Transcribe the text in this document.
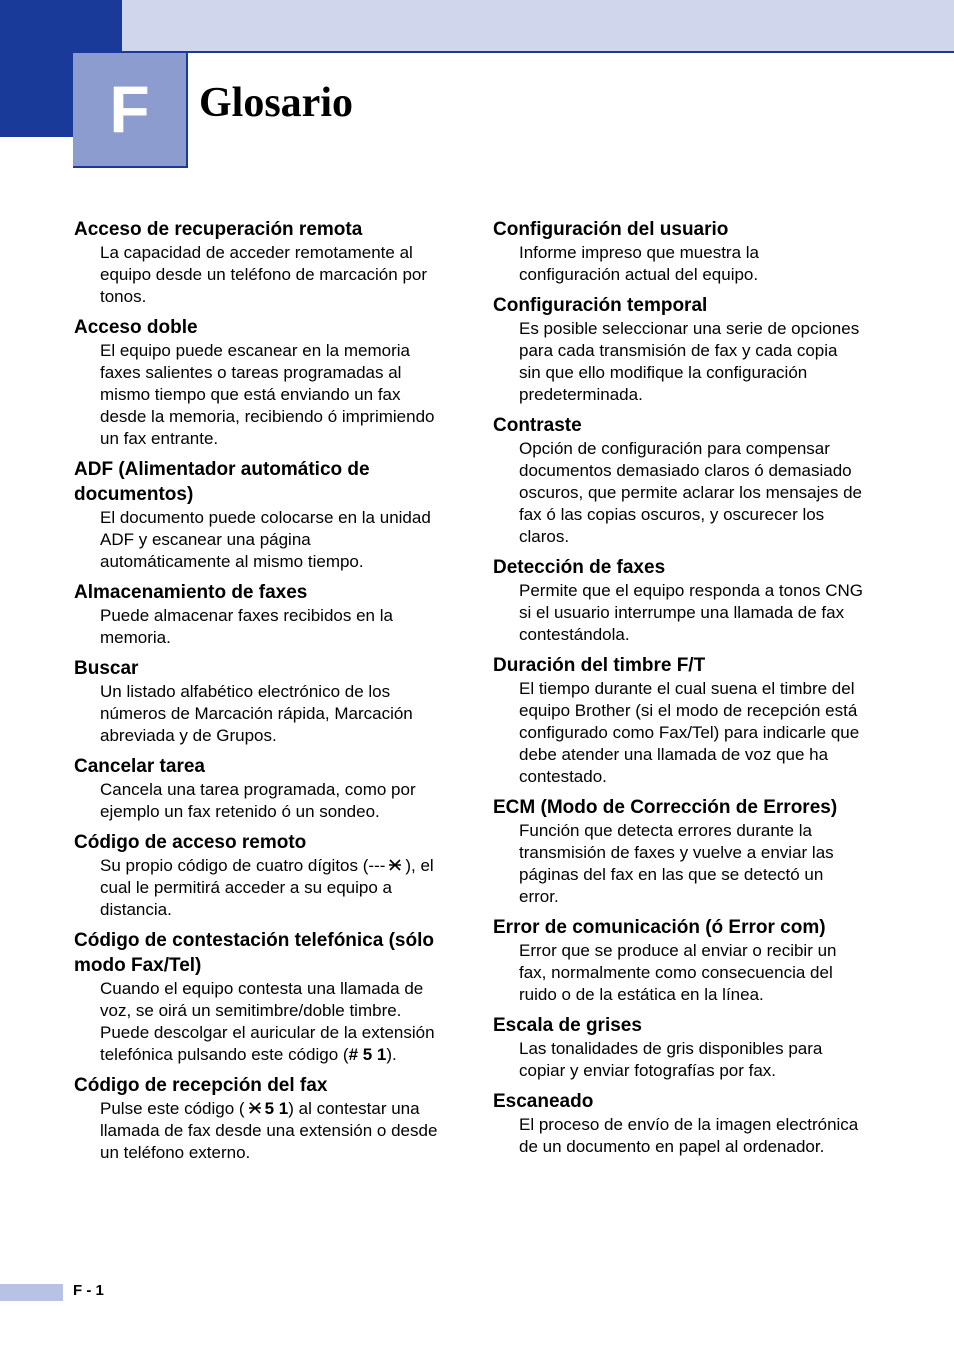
F	Glosario

Acceso de recuperación remota

La capacidad de acceder remotamente al equipo desde un teléfono de marcación por tonos.

Acceso doble

El equipo puede escanear en la memoria faxes salientes o tareas programadas al mismo tiempo que está enviando un fax desde la memoria, recibiendo ó imprimiendo un fax entrante.

ADF (Alimentador automático de documentos)

El documento puede colocarse en la unidad ADF y escanear una página automáticamente al mismo tiempo.

Almacenamiento de faxes

Puede almacenar faxes recibidos en la memoria.

Buscar

Un listado alfabético electrónico de los números de Marcación rápida, Marcación abreviada y de Grupos.

Cancelar tarea

Cancela una tarea programada, como por ejemplo un fax retenido ó un sondeo.

Código de acceso remoto

Su propio código de cuatro dígitos (--- ), el cual le permitirá acceder a su equipo a distancia.

Código de contestación telefónica (sólo modo Fax/Tel)

Cuando el equipo contesta una llamada de voz, se oirá un semitimbre/doble timbre. Puede descolgar el auricular de la extensión telefónica pulsando este código (# 5 1).

Código de recepción del fax

Pulse este código ( 5 1) al contestar una llamada de fax desde una extensión o desde un teléfono externo.

Configuración del usuario

Informe impreso que muestra la configuración actual del equipo.

Configuración temporal

Es posible seleccionar una serie de opciones para cada transmisión de fax y cada copia sin que ello modifique la configuración predeterminada.

Contraste

Opción de configuración para compensar documentos demasiado claros ó demasiado oscuros, que permite aclarar los mensajes de fax ó las copias oscuros, y oscurecer los claros.

Detección de faxes

Permite que el equipo responda a tonos CNG si el usuario interrumpe una llamada de fax contestándola.

Duración del timbre F/T

El tiempo durante el cual suena el timbre del equipo Brother (si el modo de recepción está configurado como Fax/Tel) para indicarle que debe atender una llamada de voz que ha contestado.

ECM (Modo de Corrección de Errores)

Función que detecta errores durante la transmisión de faxes y vuelve a enviar las páginas del fax en las que se detectó un error.

Error de comunicación (ó Error com)

Error que se produce al enviar o recibir un fax, normalmente como consecuencia del ruido o de la estática en la línea.

Escala de grises

Las tonalidades de gris disponibles para copiar y enviar fotografías por fax.

Escaneado

El proceso de envío de la imagen electrónica de un documento en papel al ordenador.

F - 1
